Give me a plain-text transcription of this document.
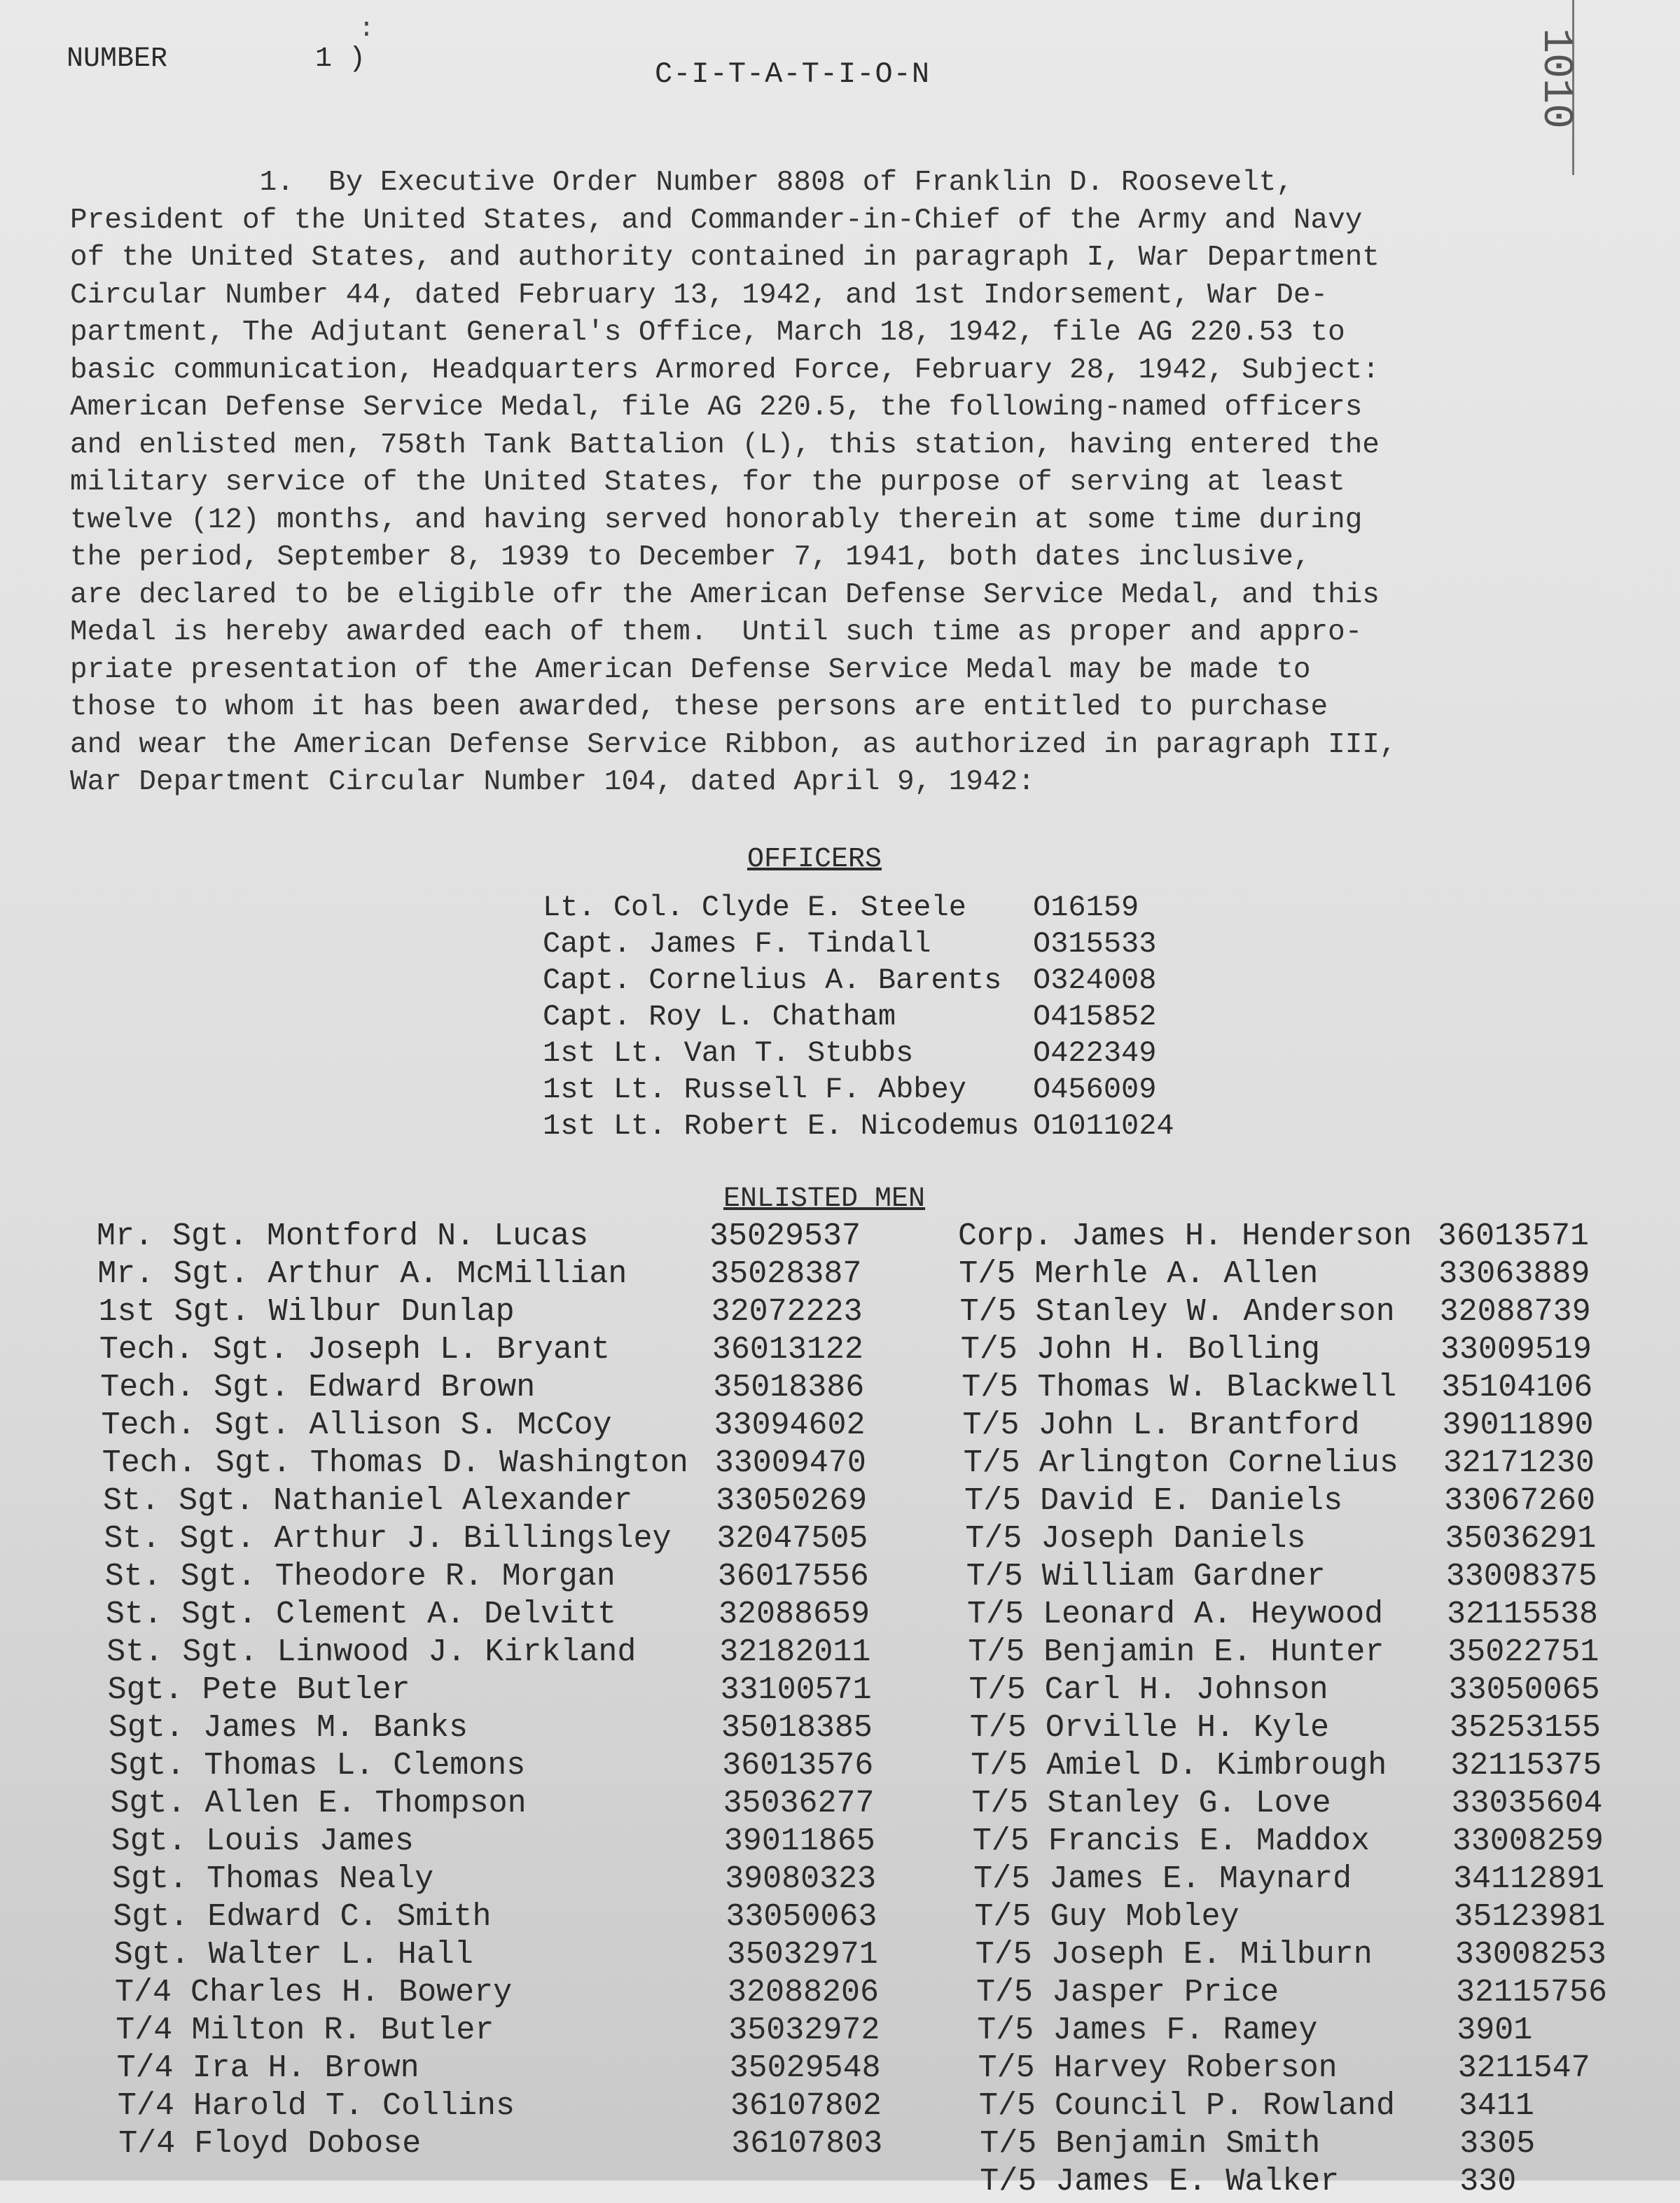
1010
:
NUMBER	1 )	C-I-T-A-T-I-O-N
1.  By Executive Order Number 8808 of Franklin D. Roosevelt,
President of the United States, and Commander-in-Chief of the Army and Navy
of the United States, and authority contained in paragraph I, War Department
Circular Number 44, dated February 13, 1942, and 1st Indorsement, War De-
partment, The Adjutant General's Office, March 18, 1942, file AG 220.53 to
basic communication, Headquarters Armored Force, February 28, 1942, Subject:
American Defense Service Medal, file AG 220.5, the following-named officers
and enlisted men, 758th Tank Battalion (L), this station, having entered the
military service of the United States, for the purpose of serving at least
twelve (12) months, and having served honorably therein at some time during
the period, September 8, 1939 to December 7, 1941, both dates inclusive,
are declared to be eligible ofr the American Defense Service Medal, and this
Medal is hereby awarded each of them.  Until such time as proper and appro-
priate presentation of the American Defense Service Medal may be made to
those to whom it has been awarded, these persons are entitled to purchase
and wear the American Defense Service Ribbon, as authorized in paragraph III,
War Department Circular Number 104, dated April 9, 1942:
OFFICERS
Lt. Col. Clyde E. Steele O16159
Capt. James F. Tindall	O315533
Capt. Cornelius A. Barents O324008
Capt. Roy L. Chatham	O415852
1st Lt. Van T. Stubbs	O422349
1st Lt. Russell F. Abbey O456009
1st Lt. Robert E. Nicodemus O1011024
ENLISTED MEN
Mr. Sgt. Montford N. Lucas	35029537	Corp. James H. Henderson 36013571
Mr. Sgt. Arthur A. McMillian	35028387	T/5 Merhle A. Allen	33063889
1st Sgt. Wilbur Dunlap	32072223	T/5 Stanley W. Anderson 32088739
Tech. Sgt. Joseph L. Bryant	36013122	T/5 John H. Bolling	33009519
Tech. Sgt. Edward Brown	35018386	T/5 Thomas W. Blackwell 35104106
Tech. Sgt. Allison S. McCoy	33094602	T/5 John L. Brantford	39011890
Tech. Sgt. Thomas D. Washington 33009470	T/5 Arlington Cornelius 32171230
St. Sgt. Nathaniel Alexander	33050269	T/5 David E. Daniels	33067260
St. Sgt. Arthur J. Billingsley 32047505	T/5 Joseph Daniels	35036291
St. Sgt. Theodore R. Morgan	36017556	T/5 William Gardner	33008375
St. Sgt. Clement A. Delvitt	32088659	T/5 Leonard A. Heywood 32115538
St. Sgt. Linwood J. Kirkland	32182011	T/5 Benjamin E. Hunter 35022751
Sgt. Pete Butler	33100571	T/5 Carl H. Johnson	33050065
Sgt. James M. Banks	35018385	T/5 Orville H. Kyle	35253155
Sgt. Thomas L. Clemons	36013576	T/5 Amiel D. Kimbrough 32115375
Sgt. Allen E. Thompson	35036277	T/5 Stanley G. Love	33035604
Sgt. Louis James	39011865	T/5 Francis E. Maddox	33008259
Sgt. Thomas Nealy	39080323	T/5 James E. Maynard	34112891
Sgt. Edward C. Smith	33050063	T/5 Guy Mobley	35123981
Sgt. Walter L. Hall	35032971	T/5 Joseph E. Milburn	33008253
T/4 Charles H. Bowery	32088206	T/5 Jasper Price	32115756
T/4 Milton R. Butler	35032972	T/5 James F. Ramey	3901
T/4 Ira H. Brown	35029548	T/5 Harvey Roberson	3211547
T/4 Harold T. Collins	36107802	T/5 Council P. Rowland 3411
T/4 Floyd Dobose	36107803	T/5 Benjamin Smith	3305
T/5 James E. Walker	330
